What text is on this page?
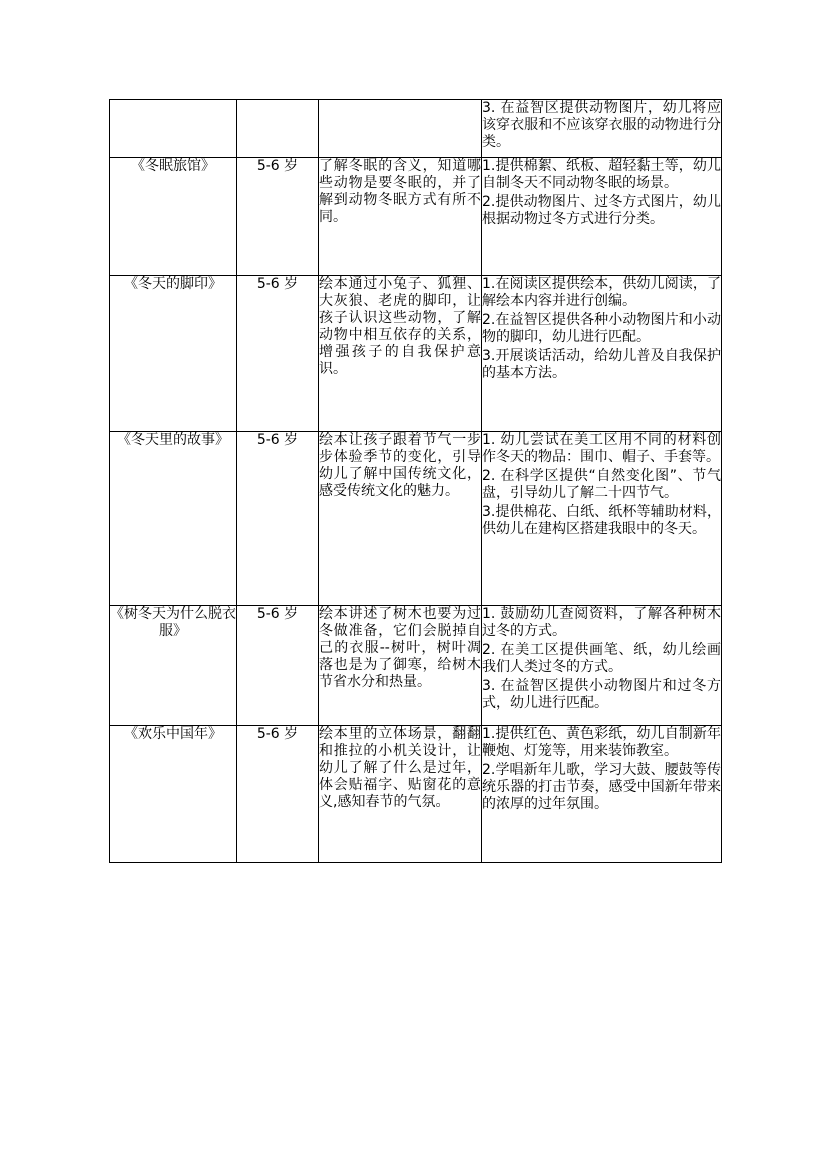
			3. 在益智区提供动物图片，幼儿将应该穿衣服和不应该穿衣服的动物进行分类。

《冬眠旅馆》	5-6 岁	了解冬眠的含义，知道哪些动物是要冬眠的，并了解到动物冬眠方式有所不同。	1.提供棉絮、纸板、超轻黏土等，幼儿自制冬天不同动物冬眠的场景。

2.提供动物图片、过冬方式图片，幼儿根据动物过冬方式进行分类。

《冬天的脚印》	5-6 岁	绘本通过小兔子、狐狸、大灰狼、老虎的脚印，让孩子认识这些动物，了解动物中相互依存的关系，增强孩子的自我保护意识。	1.在阅读区提供绘本，供幼儿阅读，了解绘本内容并进行创编。

2.在益智区提供各种小动物图片和小动物的脚印，幼儿进行匹配。

3.开展谈话活动，给幼儿普及自我保护的基本方法。

《冬天里的故事》	5-6 岁	绘本让孩子跟着节气一步步体验季节的变化，引导幼儿了解中国传统文化，感受传统文化的魅力。	1. 幼儿尝试在美工区用不同的材料创作冬天的物品：围巾、帽子、手套等。

2. 在科学区提供“自然变化图”、节气盘，引导幼儿了解二十四节气。

3.提供棉花、白纸、纸杯等辅助材料，供幼儿在建构区搭建我眼中的冬天。

《树冬天为什么脱衣服》	5-6 岁	绘本讲述了树木也要为过冬做准备，它们会脱掉自己的衣服--树叶，树叶凋落也是为了御寒，给树木节省水分和热量。	1. 鼓励幼儿查阅资料，了解各种树木过冬的方式。

2. 在美工区提供画笔、纸，幼儿绘画我们人类过冬的方式。

3. 在益智区提供小动物图片和过冬方式，幼儿进行匹配。

《欢乐中国年》	5-6 岁	绘本里的立体场景，翻翻和推拉的小机关设计，让幼儿了解了什么是过年，体会贴福字、贴窗花的意义,感知春节的气氛。	1.提供红色、黄色彩纸，幼儿自制新年鞭炮、灯笼等，用来装饰教室。

2.学唱新年儿歌，学习大鼓、腰鼓等传统乐器的打击节奏，感受中国新年带来的浓厚的过年氛围。
